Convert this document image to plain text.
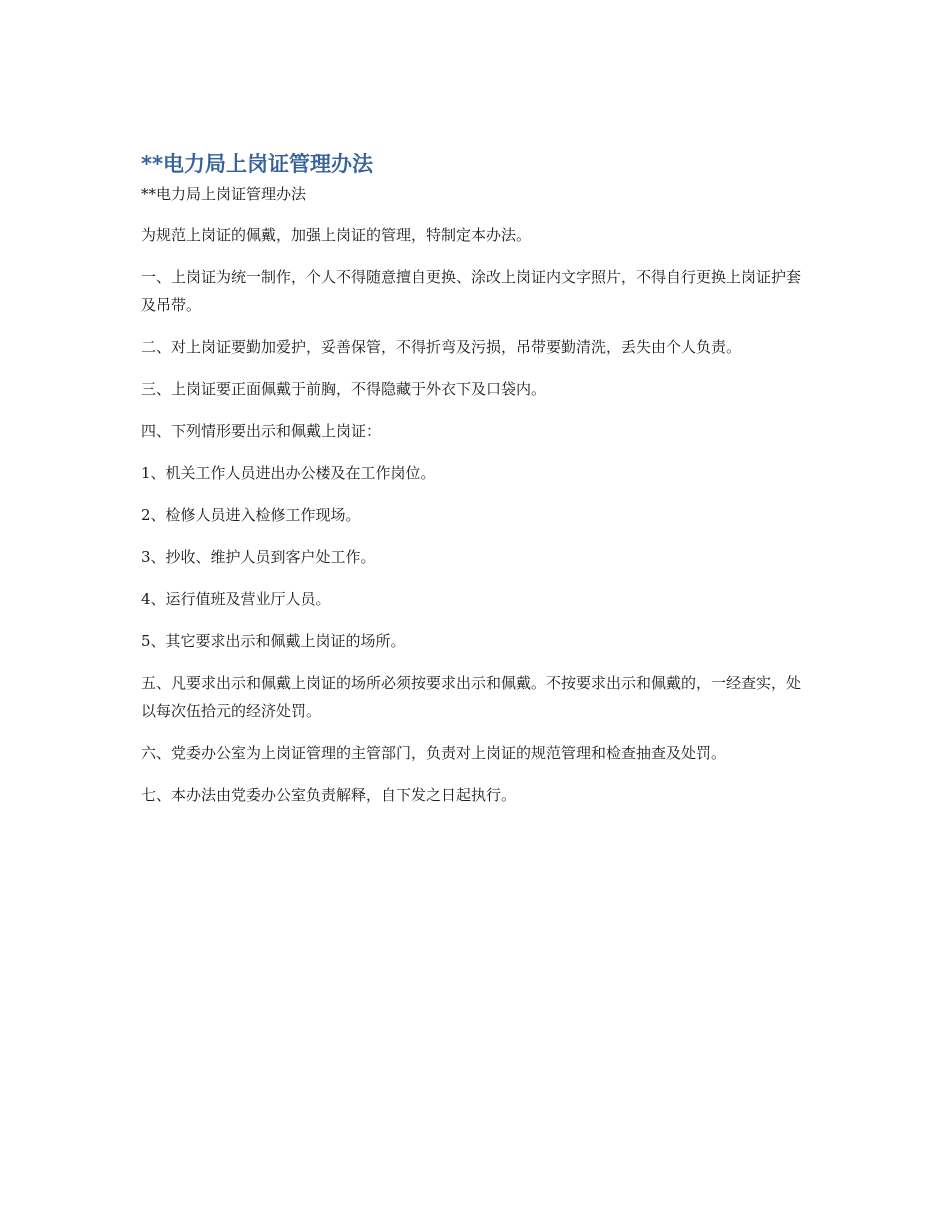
**电力局上岗证管理办法
**电力局上岗证管理办法

为规范上岗证的佩戴，加强上岗证的管理，特制定本办法。

一、上岗证为统一制作，个人不得随意擅自更换、涂改上岗证内文字照片，不得自行更换上岗证护套及吊带。

二、对上岗证要勤加爱护，妥善保管，不得折弯及污损，吊带要勤清洗，丢失由个人负责。

三、上岗证要正面佩戴于前胸，不得隐藏于外衣下及口袋内。

四、下列情形要出示和佩戴上岗证：

1、机关工作人员进出办公楼及在工作岗位。

2、检修人员进入检修工作现场。

3、抄收、维护人员到客户处工作。

4、运行值班及营业厅人员。

5、其它要求出示和佩戴上岗证的场所。

五、凡要求出示和佩戴上岗证的场所必须按要求出示和佩戴。不按要求出示和佩戴的，一经查实，处以每次伍拾元的经济处罚。

六、党委办公室为上岗证管理的主管部门，负责对上岗证的规范管理和检查抽查及处罚。

七、本办法由党委办公室负责解释，自下发之日起执行。
